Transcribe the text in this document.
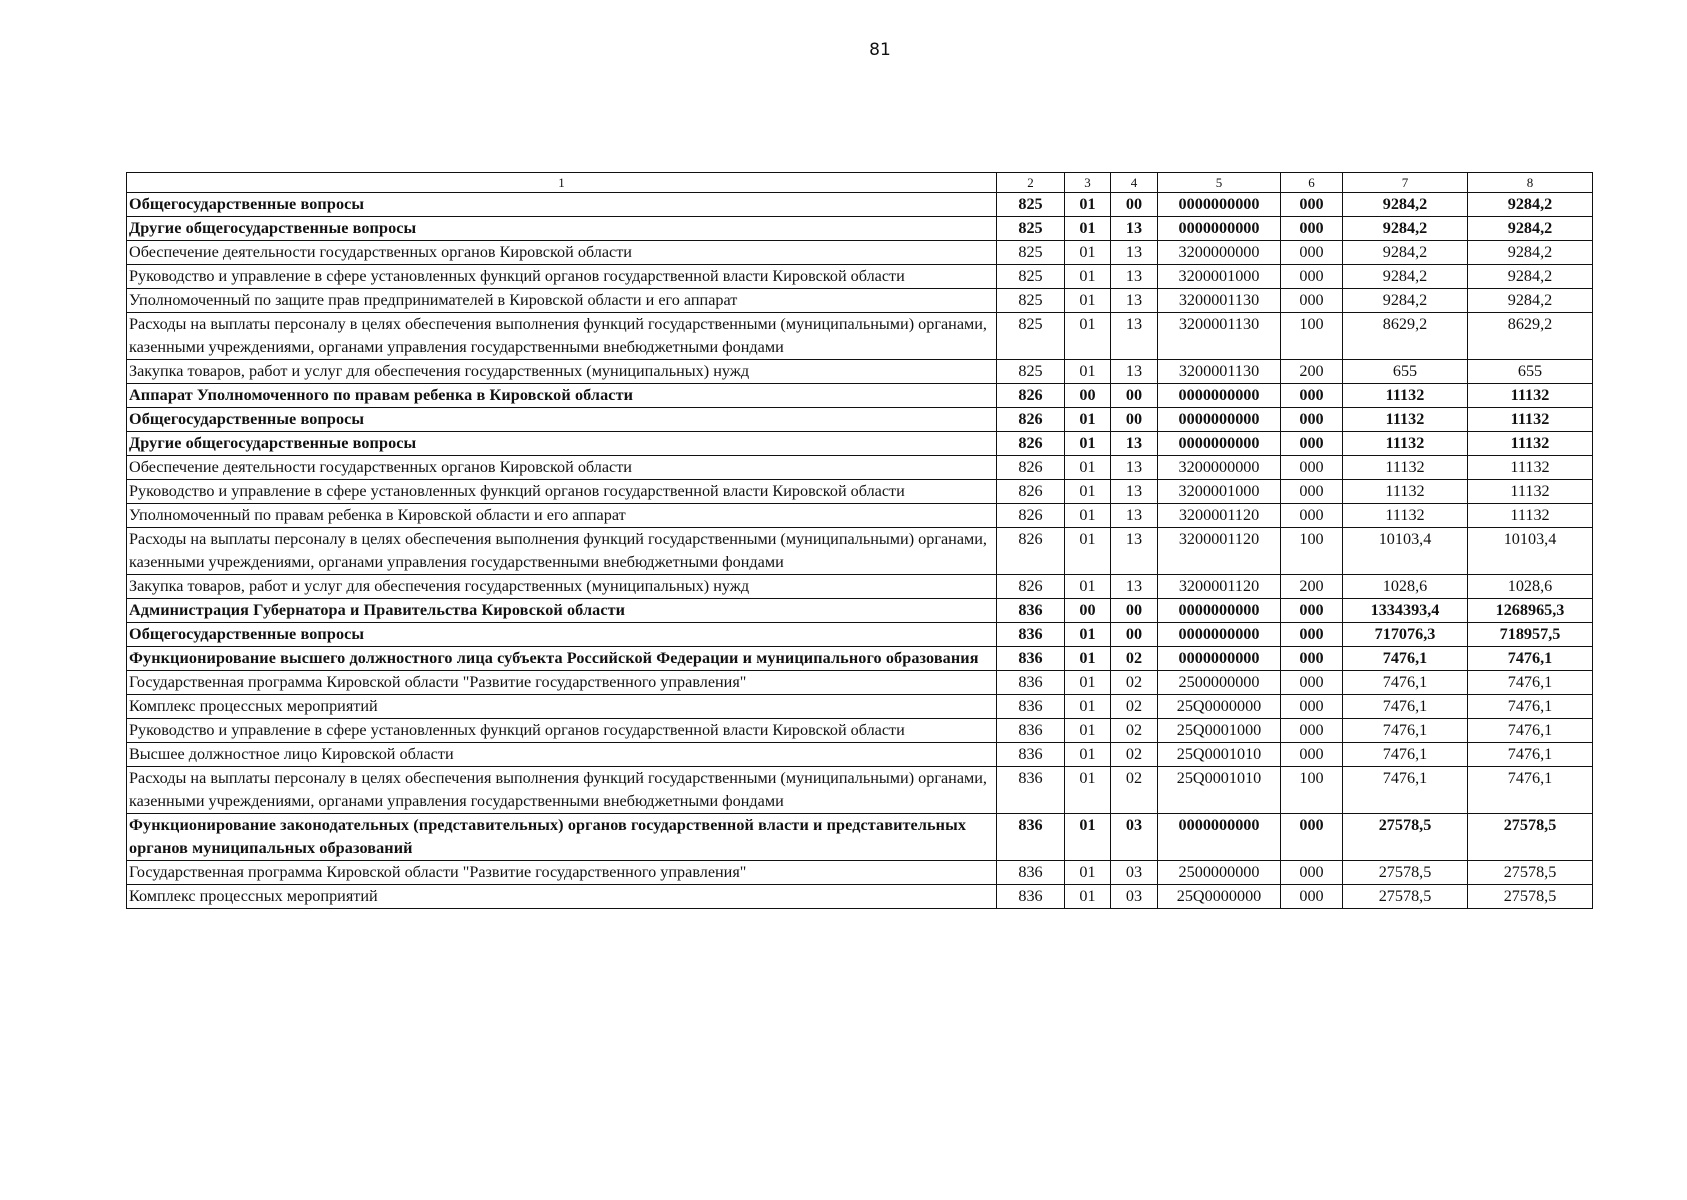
81
1	2	3	4	5	6	7	8
Общегосударственные вопросы	825	01	00	0000000000	000	9284,2	9284,2
Другие общегосударственные вопросы	825	01	13	0000000000	000	9284,2	9284,2
Обеспечение деятельности государственных органов Кировской области	825	01	13	3200000000	000	9284,2	9284,2
Руководство и управление в сфере установленных функций органов государственной власти Кировской области	825	01	13	3200001000	000	9284,2	9284,2
Уполномоченный по защите прав предпринимателей в Кировской области и его аппарат	825	01	13	3200001130	000	9284,2	9284,2
Расходы на выплаты персоналу в целях обеспечения выполнения функций государственными (муниципальными) органами, казенными учреждениями, органами управления государственными внебюджетными фондами	825	01	13	3200001130	100	8629,2	8629,2
Закупка товаров, работ и услуг для обеспечения государственных (муниципальных) нужд	825	01	13	3200001130	200	655	655
Аппарат Уполномоченного по правам ребенка в Кировской области	826	00	00	0000000000	000	11132	11132
Общегосударственные вопросы	826	01	00	0000000000	000	11132	11132
Другие общегосударственные вопросы	826	01	13	0000000000	000	11132	11132
Обеспечение деятельности государственных органов Кировской области	826	01	13	3200000000	000	11132	11132
Руководство и управление в сфере установленных функций органов государственной власти Кировской области	826	01	13	3200001000	000	11132	11132
Уполномоченный по правам ребенка в Кировской области и его аппарат	826	01	13	3200001120	000	11132	11132
Расходы на выплаты персоналу в целях обеспечения выполнения функций государственными (муниципальными) органами, казенными учреждениями, органами управления государственными внебюджетными фондами	826	01	13	3200001120	100	10103,4	10103,4
Закупка товаров, работ и услуг для обеспечения государственных (муниципальных) нужд	826	01	13	3200001120	200	1028,6	1028,6
Администрация Губернатора и Правительства Кировской области	836	00	00	0000000000	000	1334393,4	1268965,3
Общегосударственные вопросы	836	01	00	0000000000	000	717076,3	718957,5
Функционирование высшего должностного лица субъекта Российской Федерации и муниципального образования	836	01	02	0000000000	000	7476,1	7476,1
Государственная программа Кировской области "Развитие государственного управления"	836	01	02	2500000000	000	7476,1	7476,1
Комплекс процессных мероприятий	836	01	02	25Q0000000	000	7476,1	7476,1
Руководство и управление в сфере установленных функций органов государственной власти Кировской области	836	01	02	25Q0001000	000	7476,1	7476,1
Высшее должностное лицо Кировской области	836	01	02	25Q0001010	000	7476,1	7476,1
Расходы на выплаты персоналу в целях обеспечения выполнения функций государственными (муниципальными) органами, казенными учреждениями, органами управления государственными внебюджетными фондами	836	01	02	25Q0001010	100	7476,1	7476,1
Функционирование законодательных (представительных) органов государственной власти и представительных органов муниципальных образований	836	01	03	0000000000	000	27578,5	27578,5
Государственная программа Кировской области "Развитие государственного управления"	836	01	03	2500000000	000	27578,5	27578,5
Комплекс процессных мероприятий	836	01	03	25Q0000000	000	27578,5	27578,5
